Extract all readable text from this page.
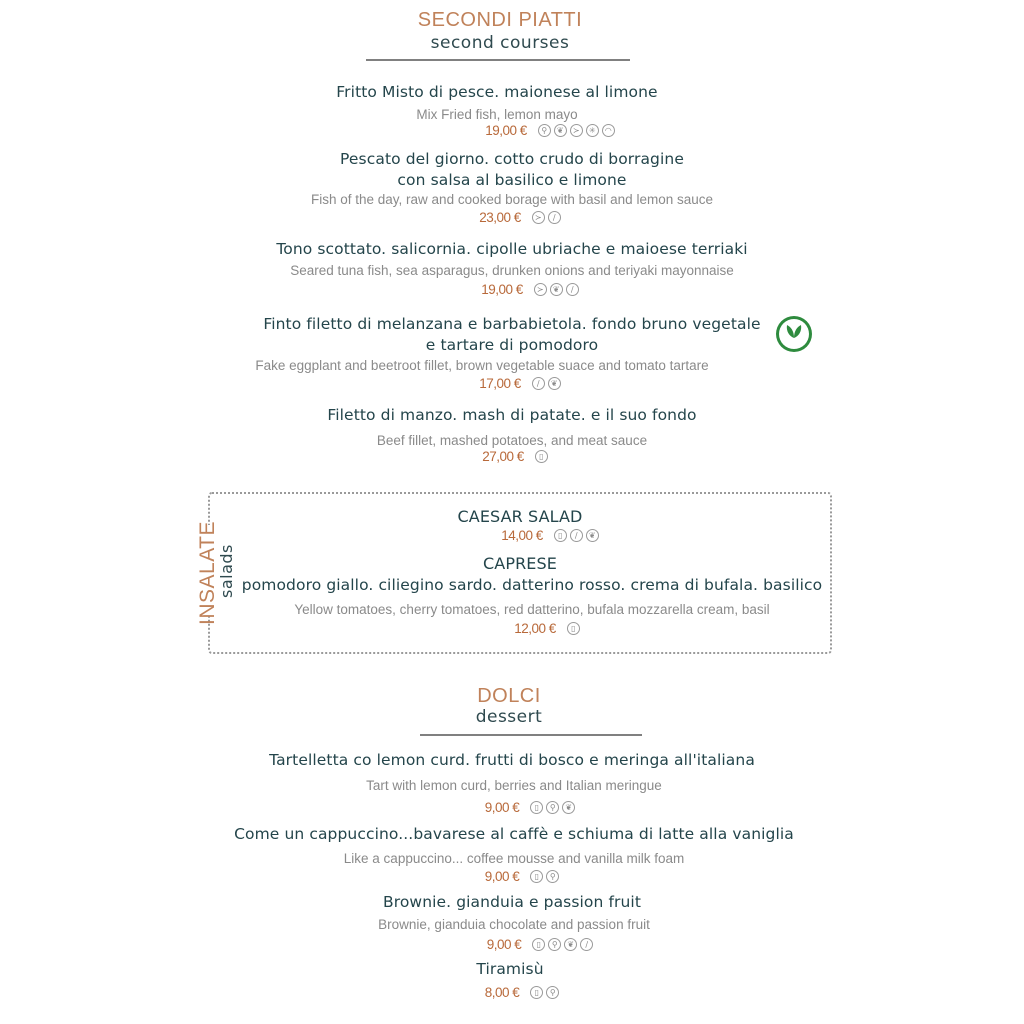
SECONDI PIATTI
second courses
Fritto Misto di pesce. maionese al limone
Mix Fried fish, lemon mayo
19,00 €	⚲	❦	≻	✳	◠
Pescato del giorno. cotto crudo di borragine
con salsa al basilico e limone
Fish of the day, raw and cooked borage with basil and lemon sauce
23,00 €	≻	∕
Tono scottato. salicornia. cipolle ubriache e maioese terriaki
Seared tuna fish, sea asparagus, drunken onions and teriyaki mayonnaise
19,00 €	≻	❦	∕
Finto filetto di melanzana e barbabietola. fondo bruno vegetale
e tartare di pomodoro
Fake eggplant and beetroot fillet, brown vegetable suace and tomato tartare
17,00 €	∕	❦
VEGAN
Filetto di manzo. mash di patate. e il suo fondo
Beef fillet, mashed potatoes, and meat sauce
27,00 €	▯
INSALATE
salads
CAESAR SALAD
14,00 €	▯	∕	❦
CAPRESE
pomodoro giallo. ciliegino sardo. datterino rosso. crema di bufala. basilico
Yellow tomatoes, cherry tomatoes, red datterino, bufala mozzarella cream, basil
12,00 €	▯
DOLCI
dessert
Tartelletta co lemon curd. frutti di bosco e meringa all'italiana
Tart with lemon curd, berries and Italian meringue
9,00 €	▯	⚲	❦
Come un cappuccino...bavarese al caffè e schiuma di latte alla vaniglia
Like a cappuccino... coffee mousse and vanilla milk foam
9,00 €	▯	⚲
Brownie. gianduia e passion fruit
Brownie, gianduia chocolate and passion fruit
9,00 €	▯	⚲	❦	∕
Tiramisù
8,00 €	▯	⚲
